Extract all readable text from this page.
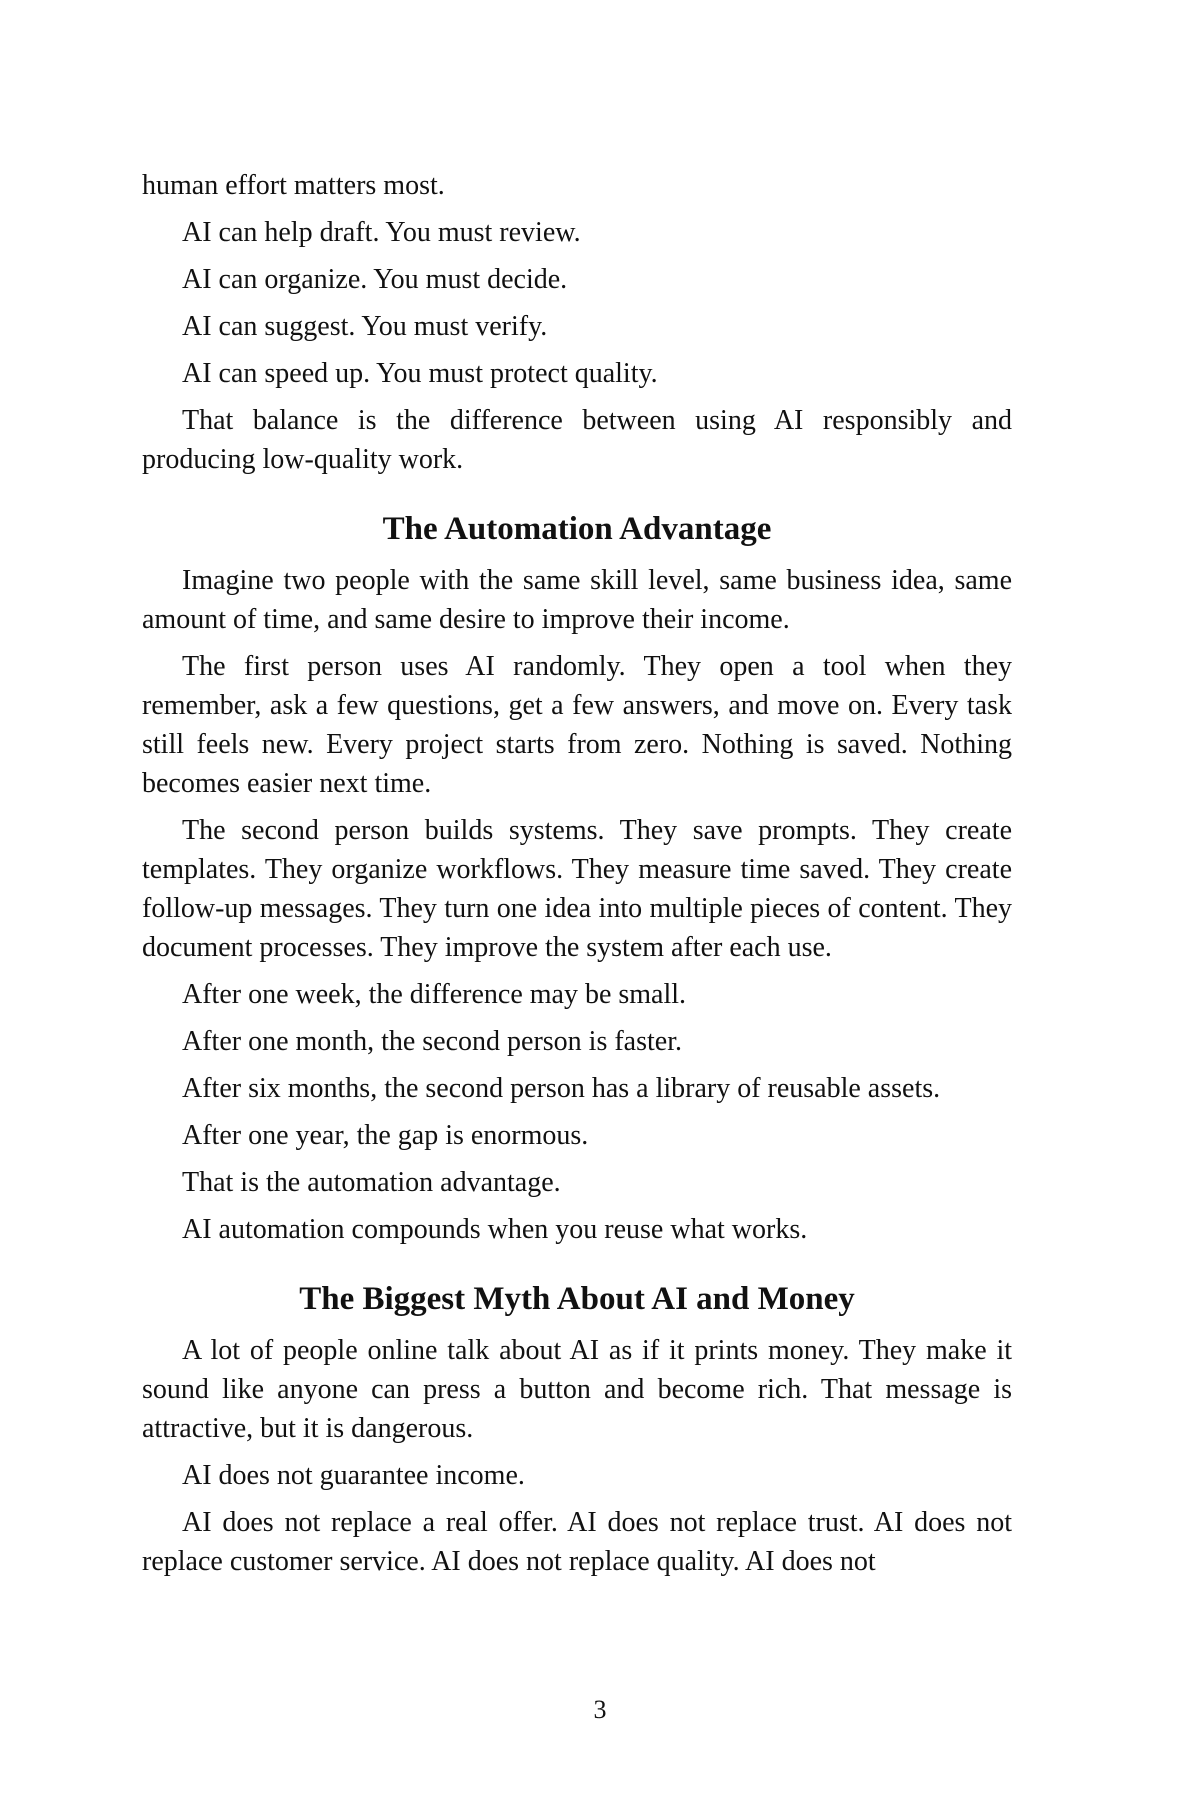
human effort matters most.

AI can help draft. You must review.

AI can organize. You must decide.

AI can suggest. You must verify.

AI can speed up. You must protect quality.

That balance is the difference between using AI responsibly and producing low-quality work.

The Automation Advantage

Imagine two people with the same skill level, same business idea, same amount of time, and same desire to improve their income.

The first person uses AI randomly. They open a tool when they remember, ask a few questions, get a few answers, and move on. Every task still feels new. Every project starts from zero. Nothing is saved. Nothing becomes easier next time.

The second person builds systems. They save prompts. They create templates. They organize workflows. They measure time saved. They create follow-up messages. They turn one idea into multiple pieces of content. They document processes. They improve the system after each use.

After one week, the difference may be small.

After one month, the second person is faster.

After six months, the second person has a library of reusable assets.

After one year, the gap is enormous.

That is the automation advantage.

AI automation compounds when you reuse what works.

The Biggest Myth About AI and Money

A lot of people online talk about AI as if it prints money. They make it sound like anyone can press a button and become rich. That message is attractive, but it is dangerous.

AI does not guarantee income.

AI does not replace a real offer. AI does not replace trust. AI does not replace customer service. AI does not replace quality. AI does not

3
